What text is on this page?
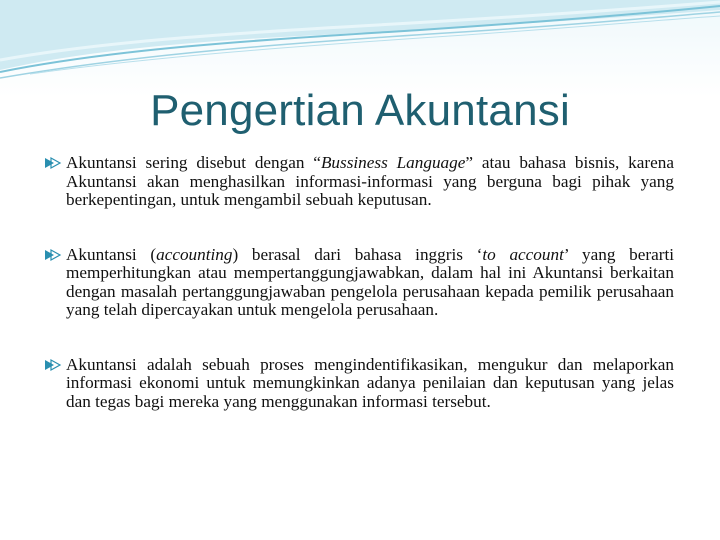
Pengertian Akuntansi
Akuntansi sering disebut dengan “Bussiness Language” atau bahasa bisnis, karena Akuntansi akan menghasilkan informasi-informasi yang berguna bagi pihak yang berkepentingan, untuk mengambil sebuah keputusan.
Akuntansi (accounting) berasal dari bahasa inggris ‘to account’ yang berarti memperhitungkan atau mempertanggungjawabkan, dalam hal ini Akuntansi berkaitan dengan masalah pertanggungjawaban pengelola perusahaan kepada pemilik perusahaan yang telah dipercayakan untuk mengelola perusahaan.
Akuntansi adalah sebuah proses mengindentifikasikan, mengukur dan melaporkan informasi ekonomi untuk memungkinkan adanya penilaian dan keputusan yang jelas dan tegas bagi mereka yang menggunakan informasi tersebut.
